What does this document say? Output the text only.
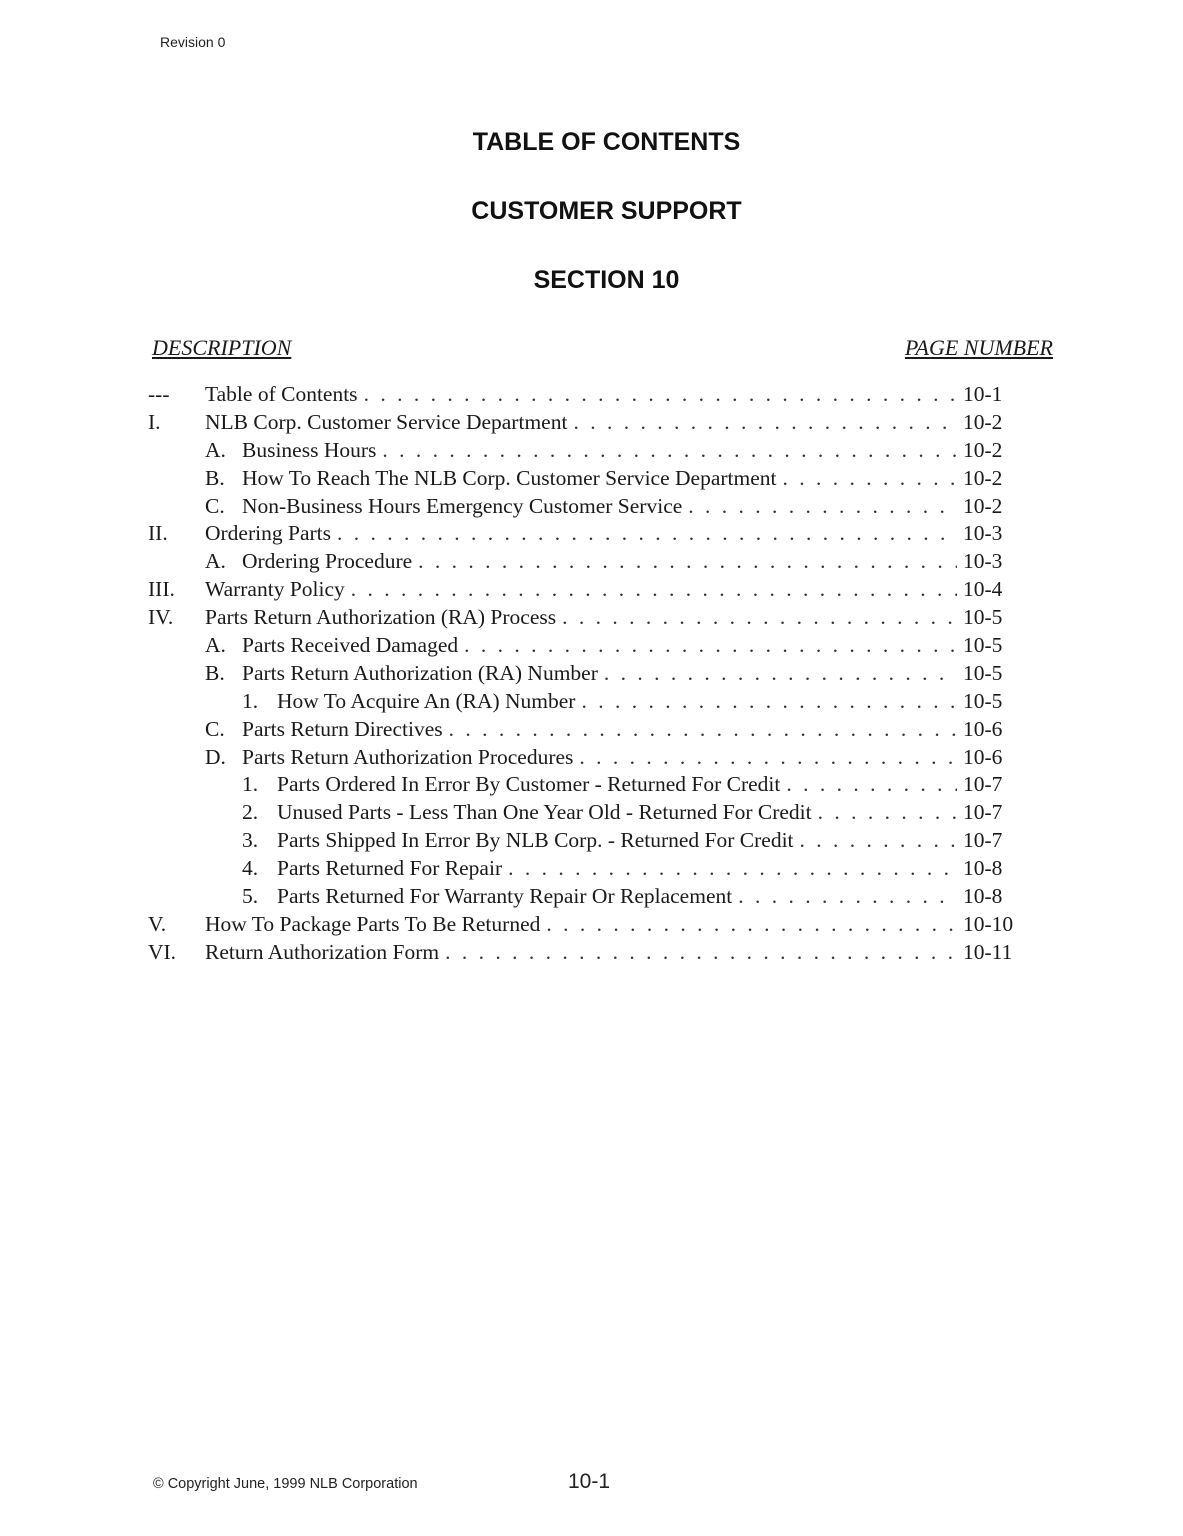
Revision 0
TABLE OF CONTENTS
CUSTOMER SUPPORT
SECTION 10
DESCRIPTION	PAGE NUMBER
---	Table of Contents . . .	10-1
I.	NLB Corp. Customer Service Department . . .	10-2
A. Business Hours . . .	10-2
B. How To Reach The NLB Corp. Customer Service Department . . .	10-2
C. Non-Business Hours Emergency Customer Service . . .	10-2
II.	Ordering Parts . . .	10-3
A. Ordering Procedure . . .	10-3
III.	Warranty Policy . . .	10-4
IV.	Parts Return Authorization (RA) Process . . .	10-5
A. Parts Received Damaged . . .	10-5
B. Parts Return Authorization (RA) Number . . .	10-5
1. How To Acquire An (RA) Number . . .	10-5
C. Parts Return Directives . . .	10-6
D. Parts Return Authorization Procedures . . .	10-6
1. Parts Ordered In Error By Customer - Returned For Credit . . .	10-7
2. Unused Parts - Less Than One Year Old - Returned For Credit . . .	10-7
3. Parts Shipped In Error By NLB Corp. - Returned For Credit . . .	10-7
4. Parts Returned For Repair . . .	10-8
5. Parts Returned For Warranty Repair Or Replacement . . .	10-8
V.	How To Package Parts To Be Returned . . .	10-10
VI.	Return Authorization Form . . .	10-11
© Copyright June, 1999 NLB Corporation	10-1
